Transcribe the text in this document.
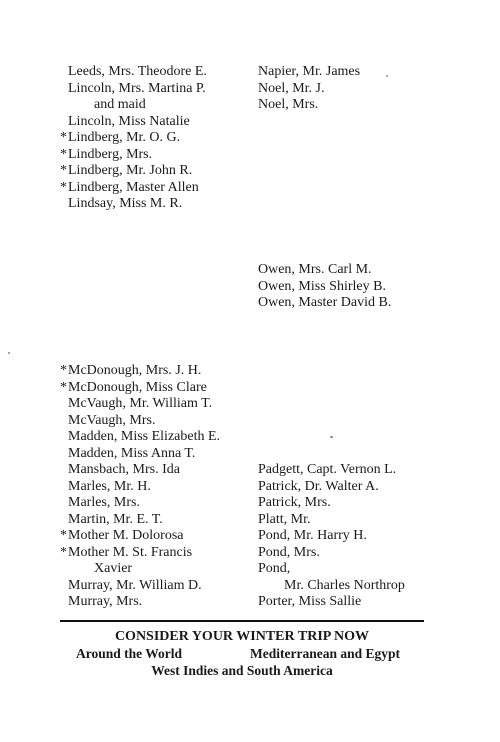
Leeds, Mrs. Theodore E.
Lincoln, Mrs. Martina P.
and maid
Lincoln, Miss Natalie
* Lindberg, Mr. O. G.
* Lindberg, Mrs.
* Lindberg, Mr. John R.
* Lindberg, Master Allen
Lindsay, Miss M. R.
* McDonough, Mrs. J. H.
* McDonough, Miss Clare
McVaugh, Mr. William T.
McVaugh, Mrs.
Madden, Miss Elizabeth E.
Madden, Miss Anna T.
Mansbach, Mrs. Ida
Marles, Mr. H.
Marles, Mrs.
Martin, Mr. E. T.
* Mother M. Dolorosa
* Mother M. St. Francis
Xavier
Murray, Mr. William D.
Murray, Mrs.
Napier, Mr. James
Noel, Mr. J.
Noel, Mrs.
Owen, Mrs. Carl M.
Owen, Miss Shirley B.
Owen, Master David B.
Padgett, Capt. Vernon L.
Patrick, Dr. Walter A.
Patrick, Mrs.
Platt, Mr.
Pond, Mr. Harry H.
Pond, Mrs.
Pond,
Mr. Charles Northrop
Porter, Miss Sallie
CONSIDER YOUR WINTER TRIP NOW
Around the World	Mediterranean and Egypt
West Indies and South America
